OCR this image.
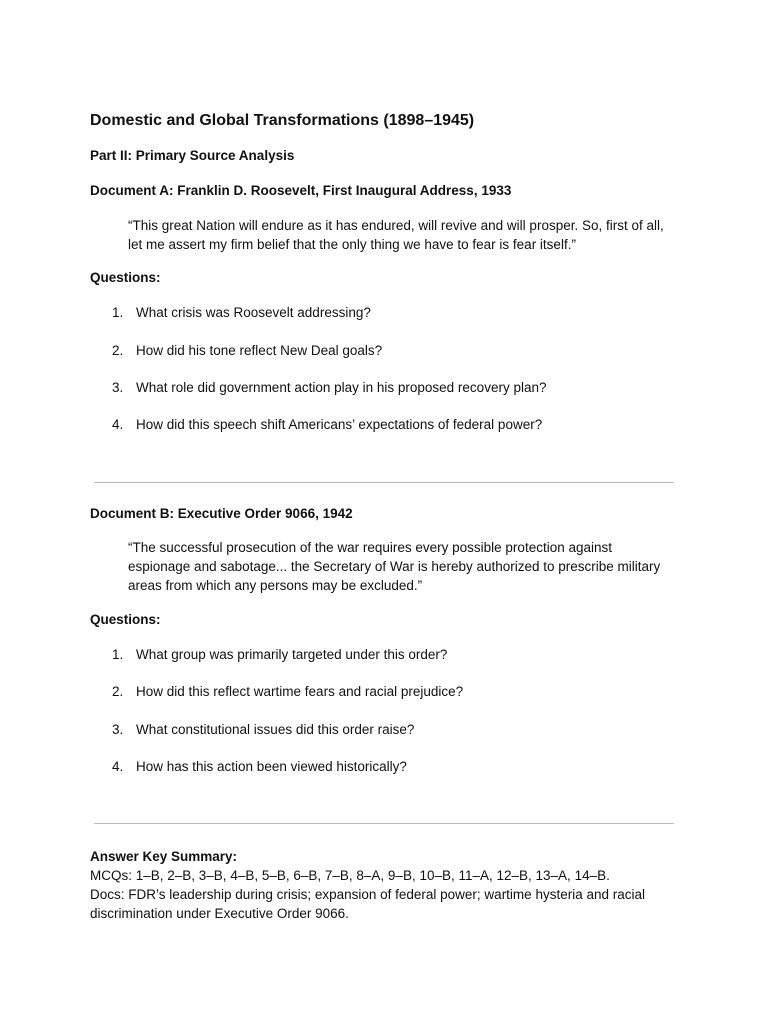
Domestic and Global Transformations (1898–1945)
Part II: Primary Source Analysis
Document A: Franklin D. Roosevelt, First Inaugural Address, 1933

“This great Nation will endure as it has endured, will revive and will prosper. So, first of all, let me assert my firm belief that the only thing we have to fear is fear itself.”

Questions:
1. What crisis was Roosevelt addressing?
2. How did his tone reflect New Deal goals?
3. What role did government action play in his proposed recovery plan?
4. How did this speech shift Americans’ expectations of federal power?
Document B: Executive Order 9066, 1942

“The successful prosecution of the war requires every possible protection against espionage and sabotage... the Secretary of War is hereby authorized to prescribe military areas from which any persons may be excluded.”

Questions:
1. What group was primarily targeted under this order?
2. How did this reflect wartime fears and racial prejudice?
3. What constitutional issues did this order raise?
4. How has this action been viewed historically?

Answer Key Summary:

MCQs: 1–B, 2–B, 3–B, 4–B, 5–B, 6–B, 7–B, 8–A, 9–B, 10–B, 11–A, 12–B, 13–A, 14–B.

Docs: FDR’s leadership during crisis; expansion of federal power; wartime hysteria and racial discrimination under Executive Order 9066.
